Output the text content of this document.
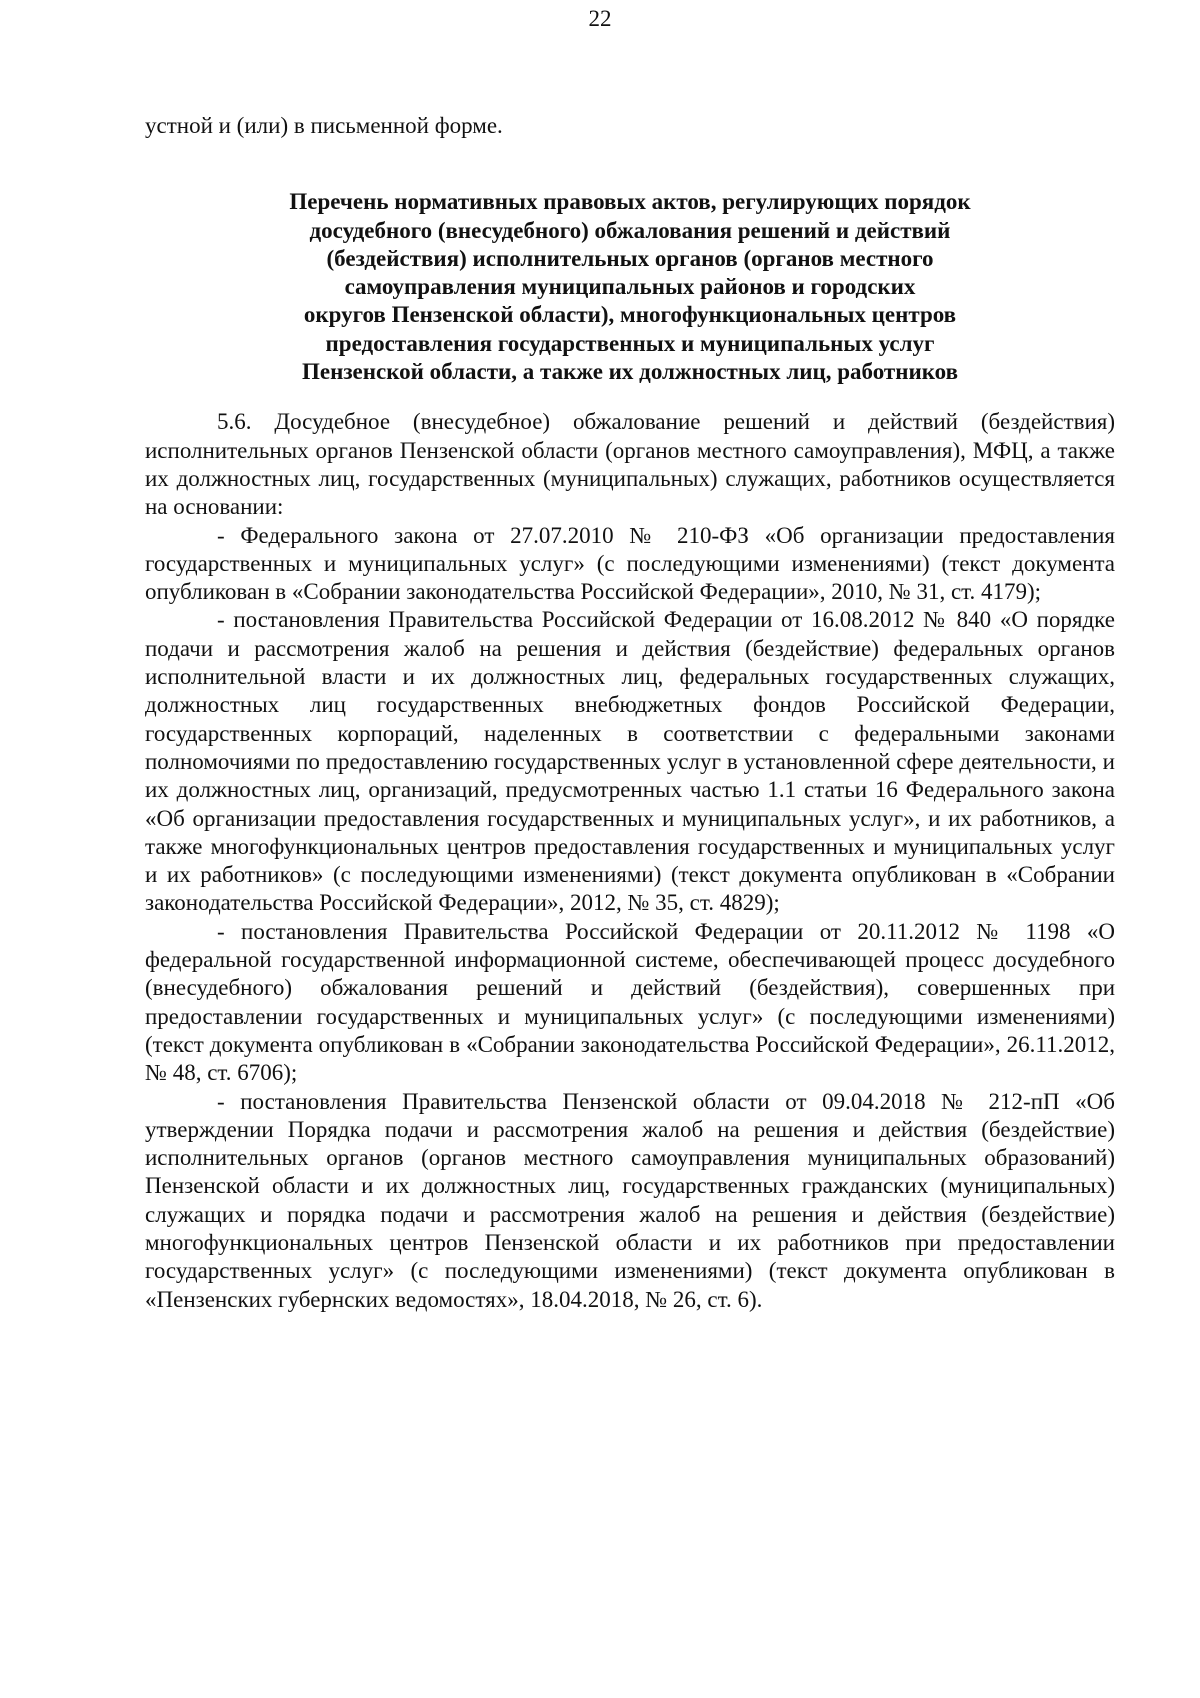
22

устной и (или) в письменной форме.

Перечень нормативных правовых актов, регулирующих порядок
досудебного (внесудебного) обжалования решений и действий
(бездействия) исполнительных органов (органов местного
самоуправления муниципальных районов и городских
округов Пензенской области), многофункциональных центров
предоставления государственных и муниципальных услуг
Пензенской области, а также их должностных лиц, работников

5.6. Досудебное (внесудебное) обжалование решений и действий (бездействия) исполнительных органов Пензенской области (органов местного самоуправления), МФЦ, а также их должностных лиц, государственных (муниципальных) служащих, работников осуществляется на основании:

- Федерального закона от 27.07.2010 № 210-ФЗ «Об организации предоставления государственных и муниципальных услуг» (с последующими изменениями) (текст документа опубликован в «Собрании законодательства Российской Федерации», 2010, № 31, ст. 4179);

- постановления Правительства Российской Федерации от 16.08.2012 № 840 «О порядке подачи и рассмотрения жалоб на решения и действия (бездействие) федеральных органов исполнительной власти и их должностных лиц, федеральных государственных служащих, должностных лиц государственных внебюджетных фондов Российской Федерации, государственных корпораций, наделенных в соответствии с федеральными законами полномочиями по предоставлению государственных услуг в установленной сфере деятельности, и их должностных лиц, организаций, предусмотренных частью 1.1 статьи 16 Федерального закона «Об организации предоставления государственных и муниципальных услуг», и их работников, а также многофункциональных центров предоставления государственных и муниципальных услуг и их работников» (с последующими изменениями) (текст документа опубликован в «Собрании законодательства Российской Федерации», 2012, № 35, ст. 4829);

- постановления Правительства Российской Федерации от 20.11.2012 № 1198 «О федеральной государственной информационной системе, обеспечивающей процесс досудебного (внесудебного) обжалования решений и действий (бездействия), совершенных при предоставлении государственных и муниципальных услуг» (с последующими изменениями) (текст документа опубликован в «Собрании законодательства Российской Федерации», 26.11.2012, № 48, ст. 6706);

- постановления Правительства Пензенской области от 09.04.2018 № 212-пП «Об утверждении Порядка подачи и рассмотрения жалоб на решения и действия (бездействие) исполнительных органов (органов местного самоуправления муниципальных образований) Пензенской области и их должностных лиц, государственных гражданских (муниципальных) служащих и порядка подачи и рассмотрения жалоб на решения и действия (бездействие) многофункциональных центров Пензенской области и их работников при предоставлении государственных услуг» (с последующими изменениями) (текст документа опубликован в «Пензенских губернских ведомостях», 18.04.2018, № 26, ст. 6).
